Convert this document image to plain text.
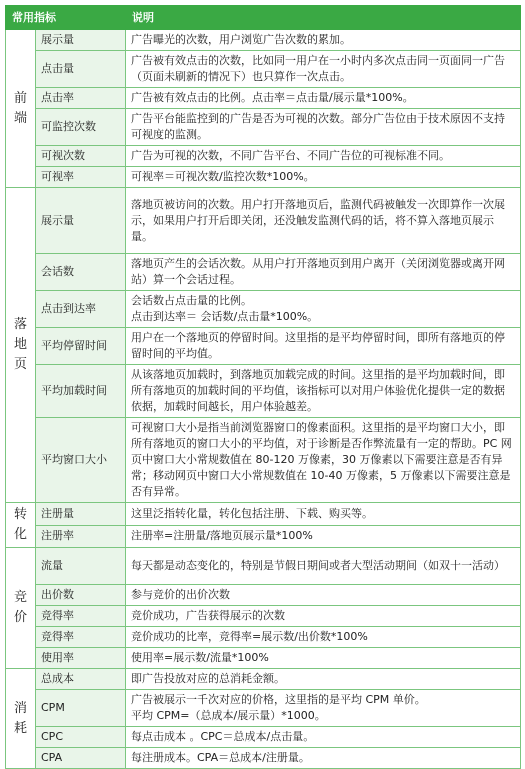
常用指标		说明
前端	展示量	广告曝光的次数，用户浏览广告次数的累加。
	点击量	广告被有效点击的次数，比如同一用户在一小时内多次点击同一页面同一广告（页面未刷新的情况下）也只算作一次点击。
	点击率	广告被有效点击的比例。点击率＝点击量/展示量*100%。
	可监控次数	广告平台能监控到的广告是否为可视的次数。部分广告位由于技术原因不支持可视度的监测。
	可视次数	广告为可视的次数，不同广告平台、不同广告位的可视标准不同。
	可视率	可视率＝可视次数/监控次数*100%。
落地页	展示量	落地页被访问的次数。用户打开落地页后，监测代码被触发一次即算作一次展示，如果用户打开后即关闭，还没触发监测代码的话，将不算入落地页展示量。
	会话数	落地页产生的会话次数。从用户打开落地页到用户离开（关闭浏览器或离开网站）算一个会话过程。
	点击到达率	会话数占点击量的比例。
点击到达率＝ 会话数/点击量*100%。
	平均停留时间	用户在一个落地页的停留时间。这里指的是平均停留时间，即所有落地页的停留时间的平均值。
	平均加载时间	从该落地页加载时，到落地页加载完成的时间。这里指的是平均加载时间，即所有落地页的加载时间的平均值，该指标可以对用户体验优化提供一定的数据依据，加载时间越长，用户体验越差。
	平均窗口大小	可视窗口大小是指当前浏览器窗口的像素面积。这里指的是平均窗口大小，即所有落地页的窗口大小的平均值，对于诊断是否作弊流量有一定的帮助。PC 网页中窗口大小常规数值在 80-120 万像素，30 万像素以下需要注意是否有异常；移动网页中窗口大小常规数值在 10-40 万像素，5 万像素以下需要注意是否有异常。
转化	注册量	这里泛指转化量，转化包括注册、下载、购买等。
	注册率	注册率=注册量/落地页展示量*100%
竞价	流量	每天都是动态变化的，特别是节假日期间或者大型活动期间（如双十一活动）
	出价数	参与竞价的出价次数
	竞得率	竞价成功，广告获得展示的次数
	竞得率	竞价成功的比率，竞得率=展示数/出价数*100%
	使用率	使用率=展示数/流量*100%
消耗	总成本	即广告投放对应的总消耗金额。
	CPM	广告被展示一千次对应的价格，这里指的是平均 CPM 单价。
平均 CPM=（总成本/展示量）*1000。
	CPC	每点击成本 。CPC＝总成本/点击量。
	CPA	每注册成本。CPA＝总成本/注册量。
